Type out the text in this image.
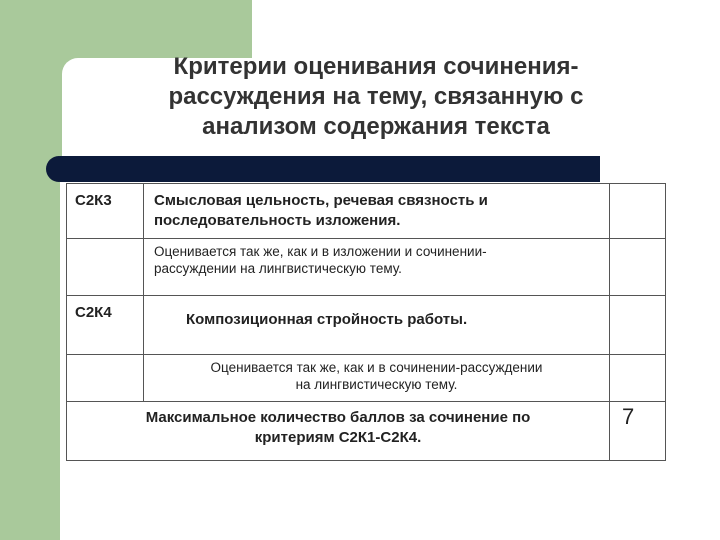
Критерии оценивания сочинения-
рассуждения на тему, связанную с
анализом содержания текста
С2К3	Смысловая цельность, речевая связность и
последовательность изложения.
Оценивается так же, как и в изложении и сочинении-
рассуждении на лингвистическую тему.
С2К4	Композиционная стройность работы.
Оценивается так же, как и в сочинении-рассуждении
на лингвистическую тему.
Максимальное количество баллов за сочинение по
критериям С2К1-С2К4.
7
